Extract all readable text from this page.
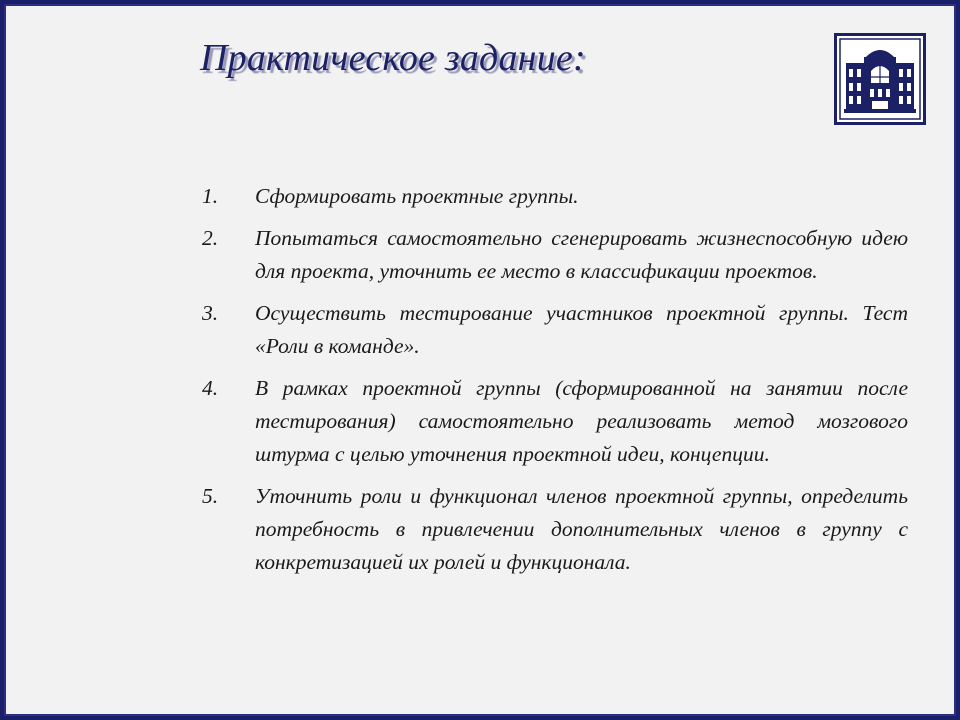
Практическое задание:
1. Сформировать проектные группы.
2. Попытаться самостоятельно сгенерировать жизнеспособную идею для проекта, уточнить ее место в классификации проектов.
3. Осуществить тестирование участников проектной группы. Тест «Роли в команде».
4. В рамках проектной группы (сформированной на занятии после тестирования) самостоятельно реализовать метод мозгового штурма с целью уточнения проектной идеи, концепции.
5. Уточнить роли и функционал членов проектной группы, определить потребность в привлечении дополнительных членов в группу с конкретизацией их ролей и функционала.
